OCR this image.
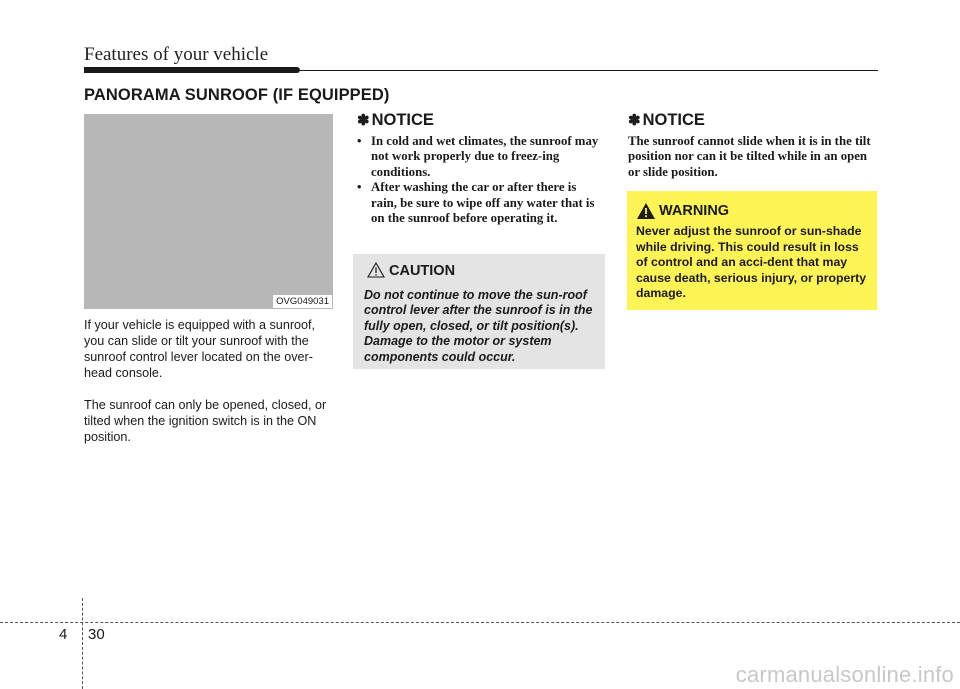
Features of your vehicle
PANORAMA SUNROOF (IF EQUIPPED)
OVG049031

If your vehicle is equipped with a sunroof, you can slide or tilt your sunroof with the sunroof control lever located on the over-head console.

The sunroof can only be opened, closed, or tilted when the ignition switch is in the ON position.

✽ NOTICE
• In cold and wet climates, the sunroof may not work properly due to freez-ing conditions.
• After washing the car or after there is rain, be sure to wipe off any water that is on the sunroof before operating it.
CAUTION

Do not continue to move the sun-roof control lever after the sunroof is in the fully open, closed, or tilt position(s). Damage to the motor or system components could occur.

✽ NOTICE

The sunroof cannot slide when it is in the tilt position nor can it be tilted while in an open or slide position.

WARNING

Never adjust the sunroof or sun-shade while driving. This could result in loss of control and an acci-dent that may cause death, serious injury, or property damage.

4 30
carmanualsonline.info
